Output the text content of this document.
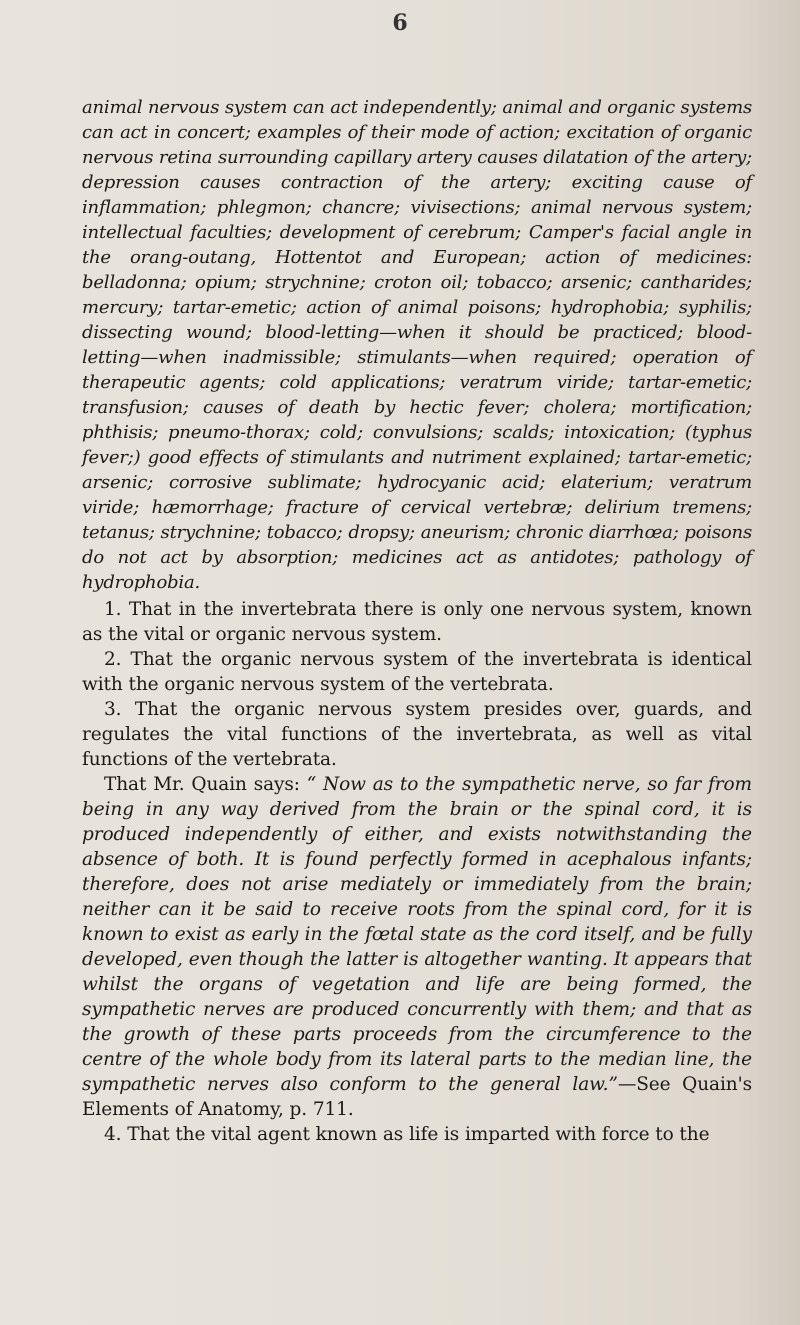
6

animal nervous system can act independently; animal and organic systems can act in concert; examples of their mode of action; excitation of organic nervous retina surrounding capillary artery causes dilatation of the artery; depression causes contraction of the artery; exciting cause of inflammation; phlegmon; chancre; vivisections; animal nervous system; intellectual faculties; development of cerebrum; Camper's facial angle in the orang-outang, Hottentot and European; action of medicines: belladonna; opium; strychnine; croton oil; tobacco; arsenic; cantharides; mercury; tartar-emetic; action of animal poisons; hydrophobia; syphilis; dissecting wound; blood-letting—when it should be practiced; blood-letting—when inadmissible; stimulants—when required; operation of therapeutic agents; cold applications; veratrum viride; tartar-emetic; transfusion; causes of death by hectic fever; cholera; mortification; phthisis; pneumo-thorax; cold; convulsions; scalds; intoxication; (typhus fever;) good effects of stimulants and nutriment explained; tartar-emetic; arsenic; corrosive sublimate; hydrocyanic acid; elaterium; veratrum viride; hæmorrhage; fracture of cervical vertebræ; delirium tremens; tetanus; strychnine; tobacco; dropsy; aneurism; chronic diarrhœa; poisons do not act by absorption; medicines act as antidotes; pathology of hydrophobia.

1. That in the invertebrata there is only one nervous system, known as the vital or organic nervous system.

2. That the organic nervous system of the invertebrata is identical with the organic nervous system of the vertebrata.

3. That the organic nervous system presides over, guards, and regulates the vital functions of the invertebrata, as well as vital functions of the vertebrata.

That Mr. Quain says: “ Now as to the sympathetic nerve, so far from being in any way derived from the brain or the spinal cord, it is produced independently of either, and exists notwithstanding the absence of both. It is found perfectly formed in acephalous infants; therefore, does not arise mediately or immediately from the brain; neither can it be said to receive roots from the spinal cord, for it is known to exist as early in the fœtal state as the cord itself, and be fully developed, even though the latter is altogether wanting. It appears that whilst the organs of vegetation and life are being formed, the sympathetic nerves are produced concurrently with them; and that as the growth of these parts proceeds from the circumference to the centre of the whole body from its lateral parts to the median line, the sympathetic nerves also conform to the general law.”—See Quain's Elements of Anatomy, p. 711.

4. That the vital agent known as life is imparted with force to the
